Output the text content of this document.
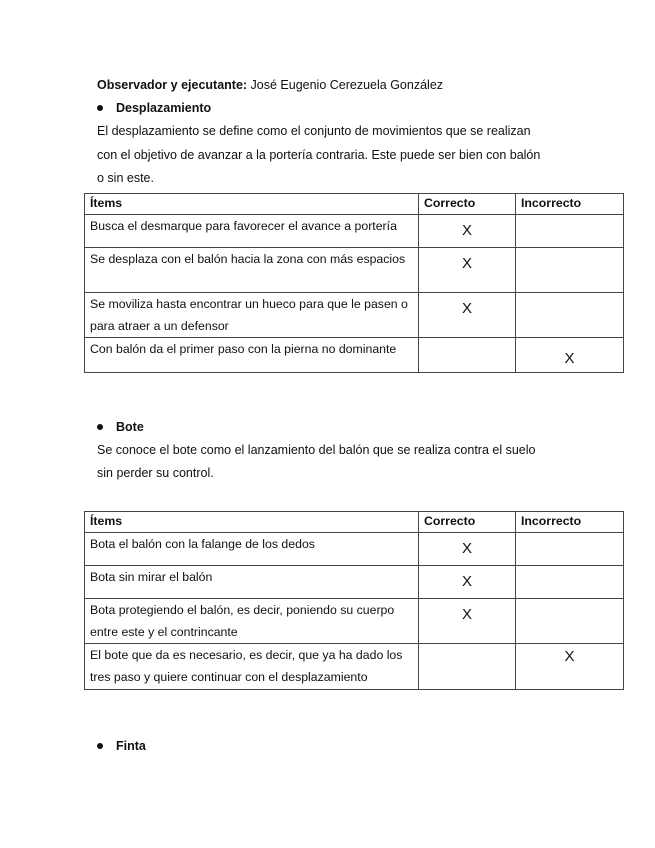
Observador y ejecutante: José Eugenio Cerezuela González
Desplazamiento
El desplazamiento se define como el conjunto de movimientos que se realizan
con el objetivo de avanzar a la portería contraria. Este puede ser bien con balón
o sin este.
Ítems	Correcto	Incorrecto
Busca el desmarque para favorecer el avance a portería	X	
Se desplaza con el balón hacia la zona con más espacios	X	
Se moviliza hasta encontrar un hueco para que le pasen o para atraer a un defensor	X	
Con balón da el primer paso con la pierna no dominante		X
Bote
Se conoce el bote como el lanzamiento del balón que se realiza contra el suelo
sin perder su control.
Ítems	Correcto	Incorrecto
Bota el balón con la falange de los dedos	X	
Bota sin mirar el balón	X	
Bota protegiendo el balón, es decir, poniendo su cuerpo entre este y el contrincante	X	
El bote que da es necesario, es decir, que ya ha dado los tres paso y quiere continuar con el desplazamiento		X
Finta
